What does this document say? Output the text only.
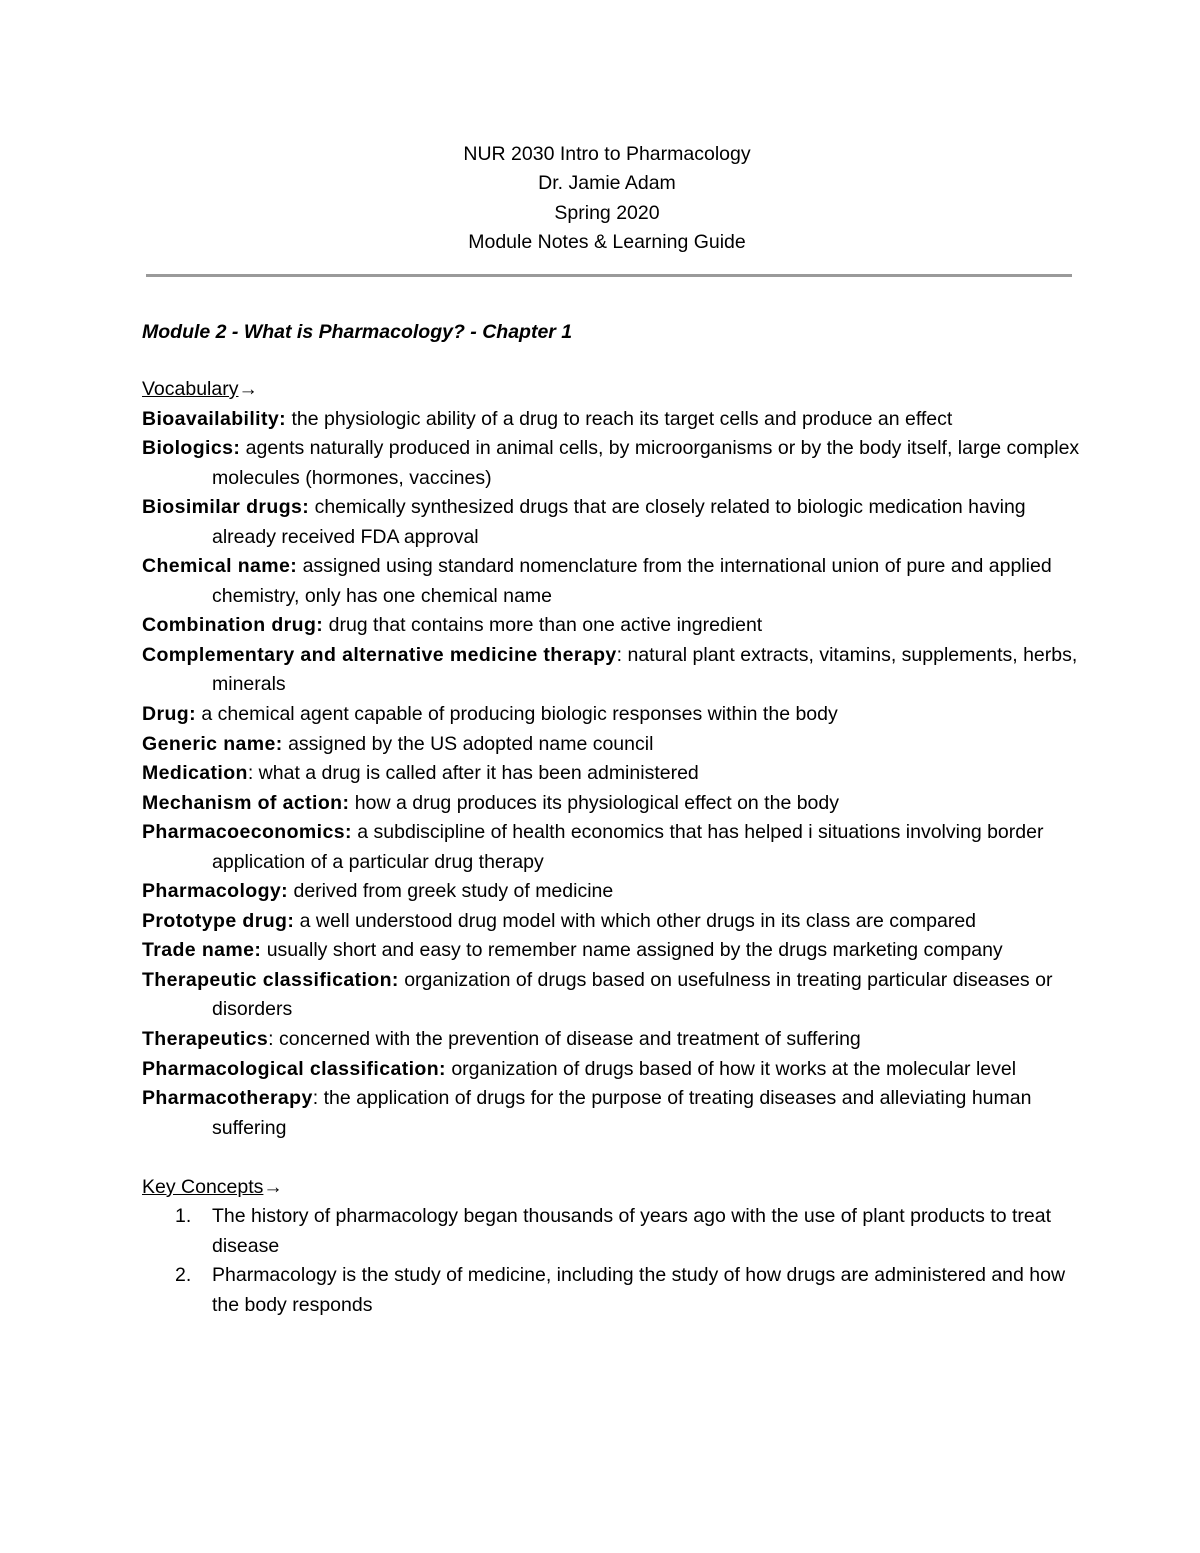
NUR 2030 Intro to Pharmacology
Dr. Jamie Adam
Spring 2020
Module Notes & Learning Guide
Module 2 - What is Pharmacology? - Chapter 1
Vocabulary→
Bioavailability: the physiologic ability of a drug to reach its target cells and produce an effect
Biologics: agents naturally produced in animal cells, by microorganisms or by the body itself, large complex molecules (hormones, vaccines)
Biosimilar drugs: chemically synthesized drugs that are closely related to biologic medication having already received FDA approval
Chemical name: assigned using standard nomenclature from the international union of pure and applied chemistry, only has one chemical name
Combination drug: drug that contains more than one active ingredient
Complementary and alternative medicine therapy: natural plant extracts, vitamins, supplements, herbs, minerals
Drug: a chemical agent capable of producing biologic responses within the body
Generic name: assigned by the US adopted name council
Medication: what a drug is called after it has been administered
Mechanism of action: how a drug produces its physiological effect on the body
Pharmacoeconomics: a subdiscipline of health economics that has helped i situations involving border application of a particular drug therapy
Pharmacology: derived from greek study of medicine
Prototype drug: a well understood drug model with which other drugs in its class are compared
Trade name: usually short and easy to remember name assigned by the drugs marketing company
Therapeutic classification: organization of drugs based on usefulness in treating particular diseases or disorders
Therapeutics: concerned with the prevention of disease and treatment of suffering
Pharmacological classification: organization of drugs based of how it works at the molecular level
Pharmacotherapy: the application of drugs for the purpose of treating diseases and alleviating human suffering
Key Concepts→
1. The history of pharmacology began thousands of years ago with the use of plant products to treat disease
2. Pharmacology is the study of medicine, including the study of how drugs are administered and how the body responds
